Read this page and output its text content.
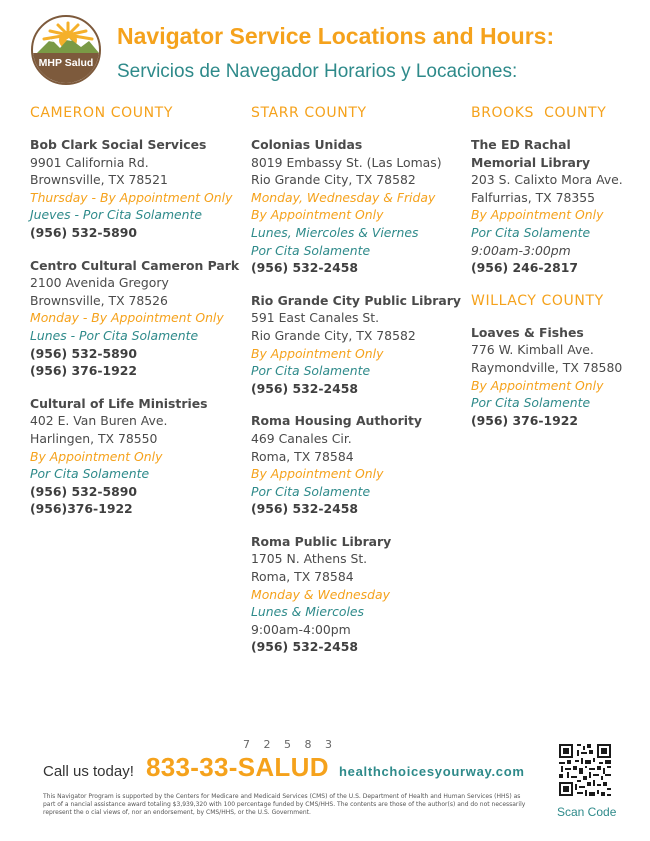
MHP Salud
Navigator Service Locations and Hours:
Servicios de Navegador Horarios y Locaciones:
CAMERON COUNTY
Bob Clark Social Services
9901 California Rd.
Brownsville, TX 78521
Thursday - By Appointment Only
Jueves - Por Cita Solamente
(956) 532-5890
Centro Cultural Cameron Park
2100 Avenida Gregory
Brownsville, TX 78526
Monday - By Appointment Only
Lunes - Por Cita Solamente
(956) 532-5890
(956) 376-1922
Cultural of Life Ministries
402 E. Van Buren Ave.
Harlingen, TX 78550
By Appointment Only
Por Cita Solamente
(956) 532-5890
(956)376-1922
STARR COUNTY
Colonias Unidas
8019 Embassy St. (Las Lomas)
Rio Grande City, TX 78582
Monday, Wednesday & Friday
By Appointment Only
Lunes, Miercoles & Viernes
Por Cita Solamente
(956) 532-2458
Rio Grande City Public Library
591 East Canales St.
Rio Grande City, TX 78582
By Appointment Only
Por Cita Solamente
(956) 532-2458
Roma Housing Authority
469 Canales Cir.
Roma, TX 78584
By Appointment Only
Por Cita Solamente
(956) 532-2458
Roma Public Library
1705 N. Athens St.
Roma, TX 78584
Monday & Wednesday
Lunes & Miercoles
9:00am-4:00pm
(956) 532-2458
BROOKS  COUNTY
The ED Rachal
Memorial Library
203 S. Calixto Mora Ave.
Falfurrias, TX 78355
By Appointment Only
Por Cita Solamente
9:00am-3:00pm
(956) 246-2817
WILLACY COUNTY
Loaves & Fishes
776 W. Kimball Ave.
Raymondville, TX 78580
By Appointment Only
Por Cita Solamente
(956) 376-1922
7 2 5 8 3
Call us today! 833-33-SALUD healthchoicesyourway.com
This Navigator Program is supported by the Centers for Medicare and Medicaid Services (CMS) of the U.S. Department of Health and Human Services (HHS) as part of a nancial assistance award totaling $3,939,320 with 100 percentage funded by CMS/HHS. The contents are those of the author(s) and do not necessarily represent the o cial views of, nor an endorsement, by CMS/HHS, or the U.S. Government.	Scan Code
